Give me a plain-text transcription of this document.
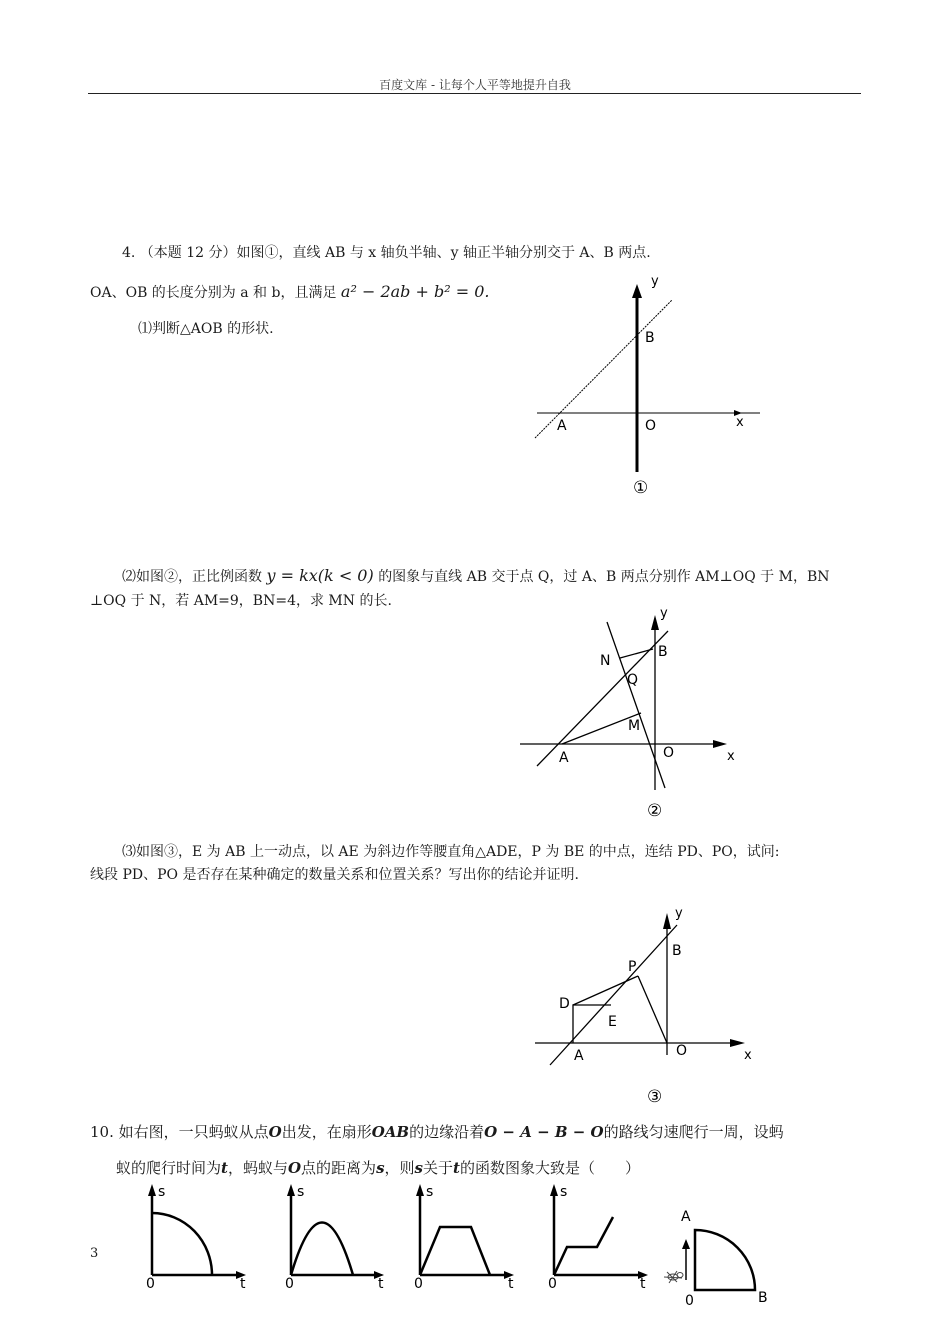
百度文库 - 让每个人平等地提升自我
4. （本题 12 分）如图①，直线 AB 与 x 轴负半轴、y 轴正半轴分别交于 A、B 两点.
OA、OB 的长度分别为 a 和 b，且满足 a² − 2ab + b² = 0.
⑴判断△AOB 的形状.
y
x
B
A	O
①
⑵如图②，正比例函数 y = kx(k < 0) 的图象与直线 AB 交于点 Q，过 A、B 两点分别作 AM⊥OQ 于 M，BN
⊥OQ 于 N，若 AM=9，BN=4，求 MN 的长.
y
x
B
N
Q
M
A	O
②
⑶如图③，E 为 AB 上一动点，以 AE 为斜边作等腰直角△ADE，P 为 BE 的中点，连结 PD、PO，试问:
线段 PD、PO 是否存在某种确定的数量关系和位置关系？写出你的结论并证明.
y
x
B
P
D
E
A	O
③
10. 如右图，一只蚂蚁从点O出发，在扇形OAB的边缘沿着O − A − B − O的路线匀速爬行一周，设蚂
蚁的爬行时间为t，蚂蚁与O点的距离为s，则s关于t的函数图象大致是（　　）
s
0	t
s
0	t
s
0	t
s
0	t
A
B
0
3
